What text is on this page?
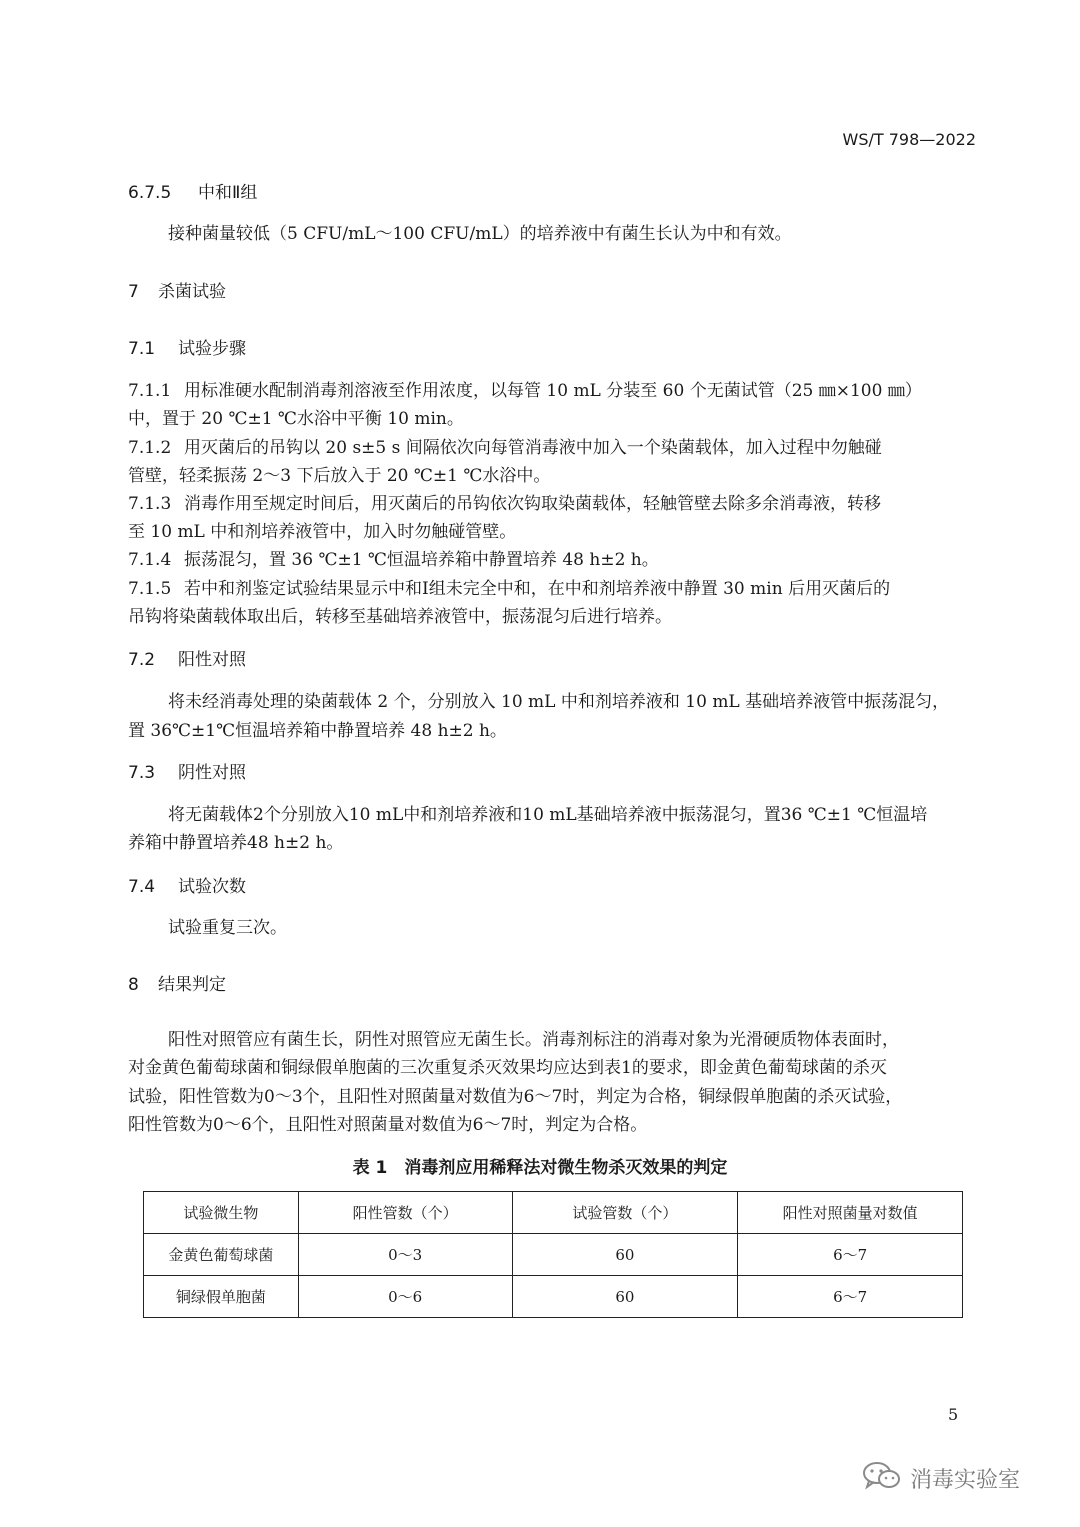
WS/T 798—2022
6.7.5 中和Ⅱ组
接种菌量较低（5 CFU/mL～100 CFU/mL）的培养液中有菌生长认为中和有效。
7 杀菌试验
7.1 试验步骤
7.1.1 用标准硬水配制消毒剂溶液至作用浓度，以每管 10 mL 分装至 60 个无菌试管（25 ㎜×100 ㎜）
中，置于 20 ℃±1 ℃水浴中平衡 10 min。
7.1.2 用灭菌后的吊钩以 20 s±5 s 间隔依次向每管消毒液中加入一个染菌载体，加入过程中勿触碰
管壁，轻柔振荡 2～3 下后放入于 20 ℃±1 ℃水浴中。
7.1.3 消毒作用至规定时间后，用灭菌后的吊钩依次钩取染菌载体，轻触管壁去除多余消毒液，转移
至 10 mL 中和剂培养液管中，加入时勿触碰管壁。
7.1.4 振荡混匀，置 36 ℃±1 ℃恒温培养箱中静置培养 48 h±2 h。
7.1.5 若中和剂鉴定试验结果显示中和Ⅰ组未完全中和，在中和剂培养液中静置 30 min 后用灭菌后的
吊钩将染菌载体取出后，转移至基础培养液管中，振荡混匀后进行培养。
7.2 阳性对照
将未经消毒处理的染菌载体 2 个，分别放入 10 mL 中和剂培养液和 10 mL 基础培养液管中振荡混匀，
置 36℃±1℃恒温培养箱中静置培养 48 h±2 h。
7.3 阴性对照
将无菌载体2个分别放入10 mL中和剂培养液和10 mL基础培养液中振荡混匀，置36 ℃±1 ℃恒温培
养箱中静置培养48 h±2 h。
7.4 试验次数
试验重复三次。
8 结果判定
阳性对照管应有菌生长，阴性对照管应无菌生长。消毒剂标注的消毒对象为光滑硬质物体表面时，
对金黄色葡萄球菌和铜绿假单胞菌的三次重复杀灭效果均应达到表1的要求，即金黄色葡萄球菌的杀灭
试验，阳性管数为0～3个，且阳性对照菌量对数值为6～7时，判定为合格，铜绿假单胞菌的杀灭试验，
阳性管数为0～6个，且阳性对照菌量对数值为6～7时，判定为合格。
表 1　消毒剂应用稀释法对微生物杀灭效果的判定
试验微生物	阳性管数（个）	试验管数（个）	阳性对照菌量对数值
金黄色葡萄球菌	0～3	60	6～7
铜绿假单胞菌	0～6	60	6～7
5
消毒实验室
